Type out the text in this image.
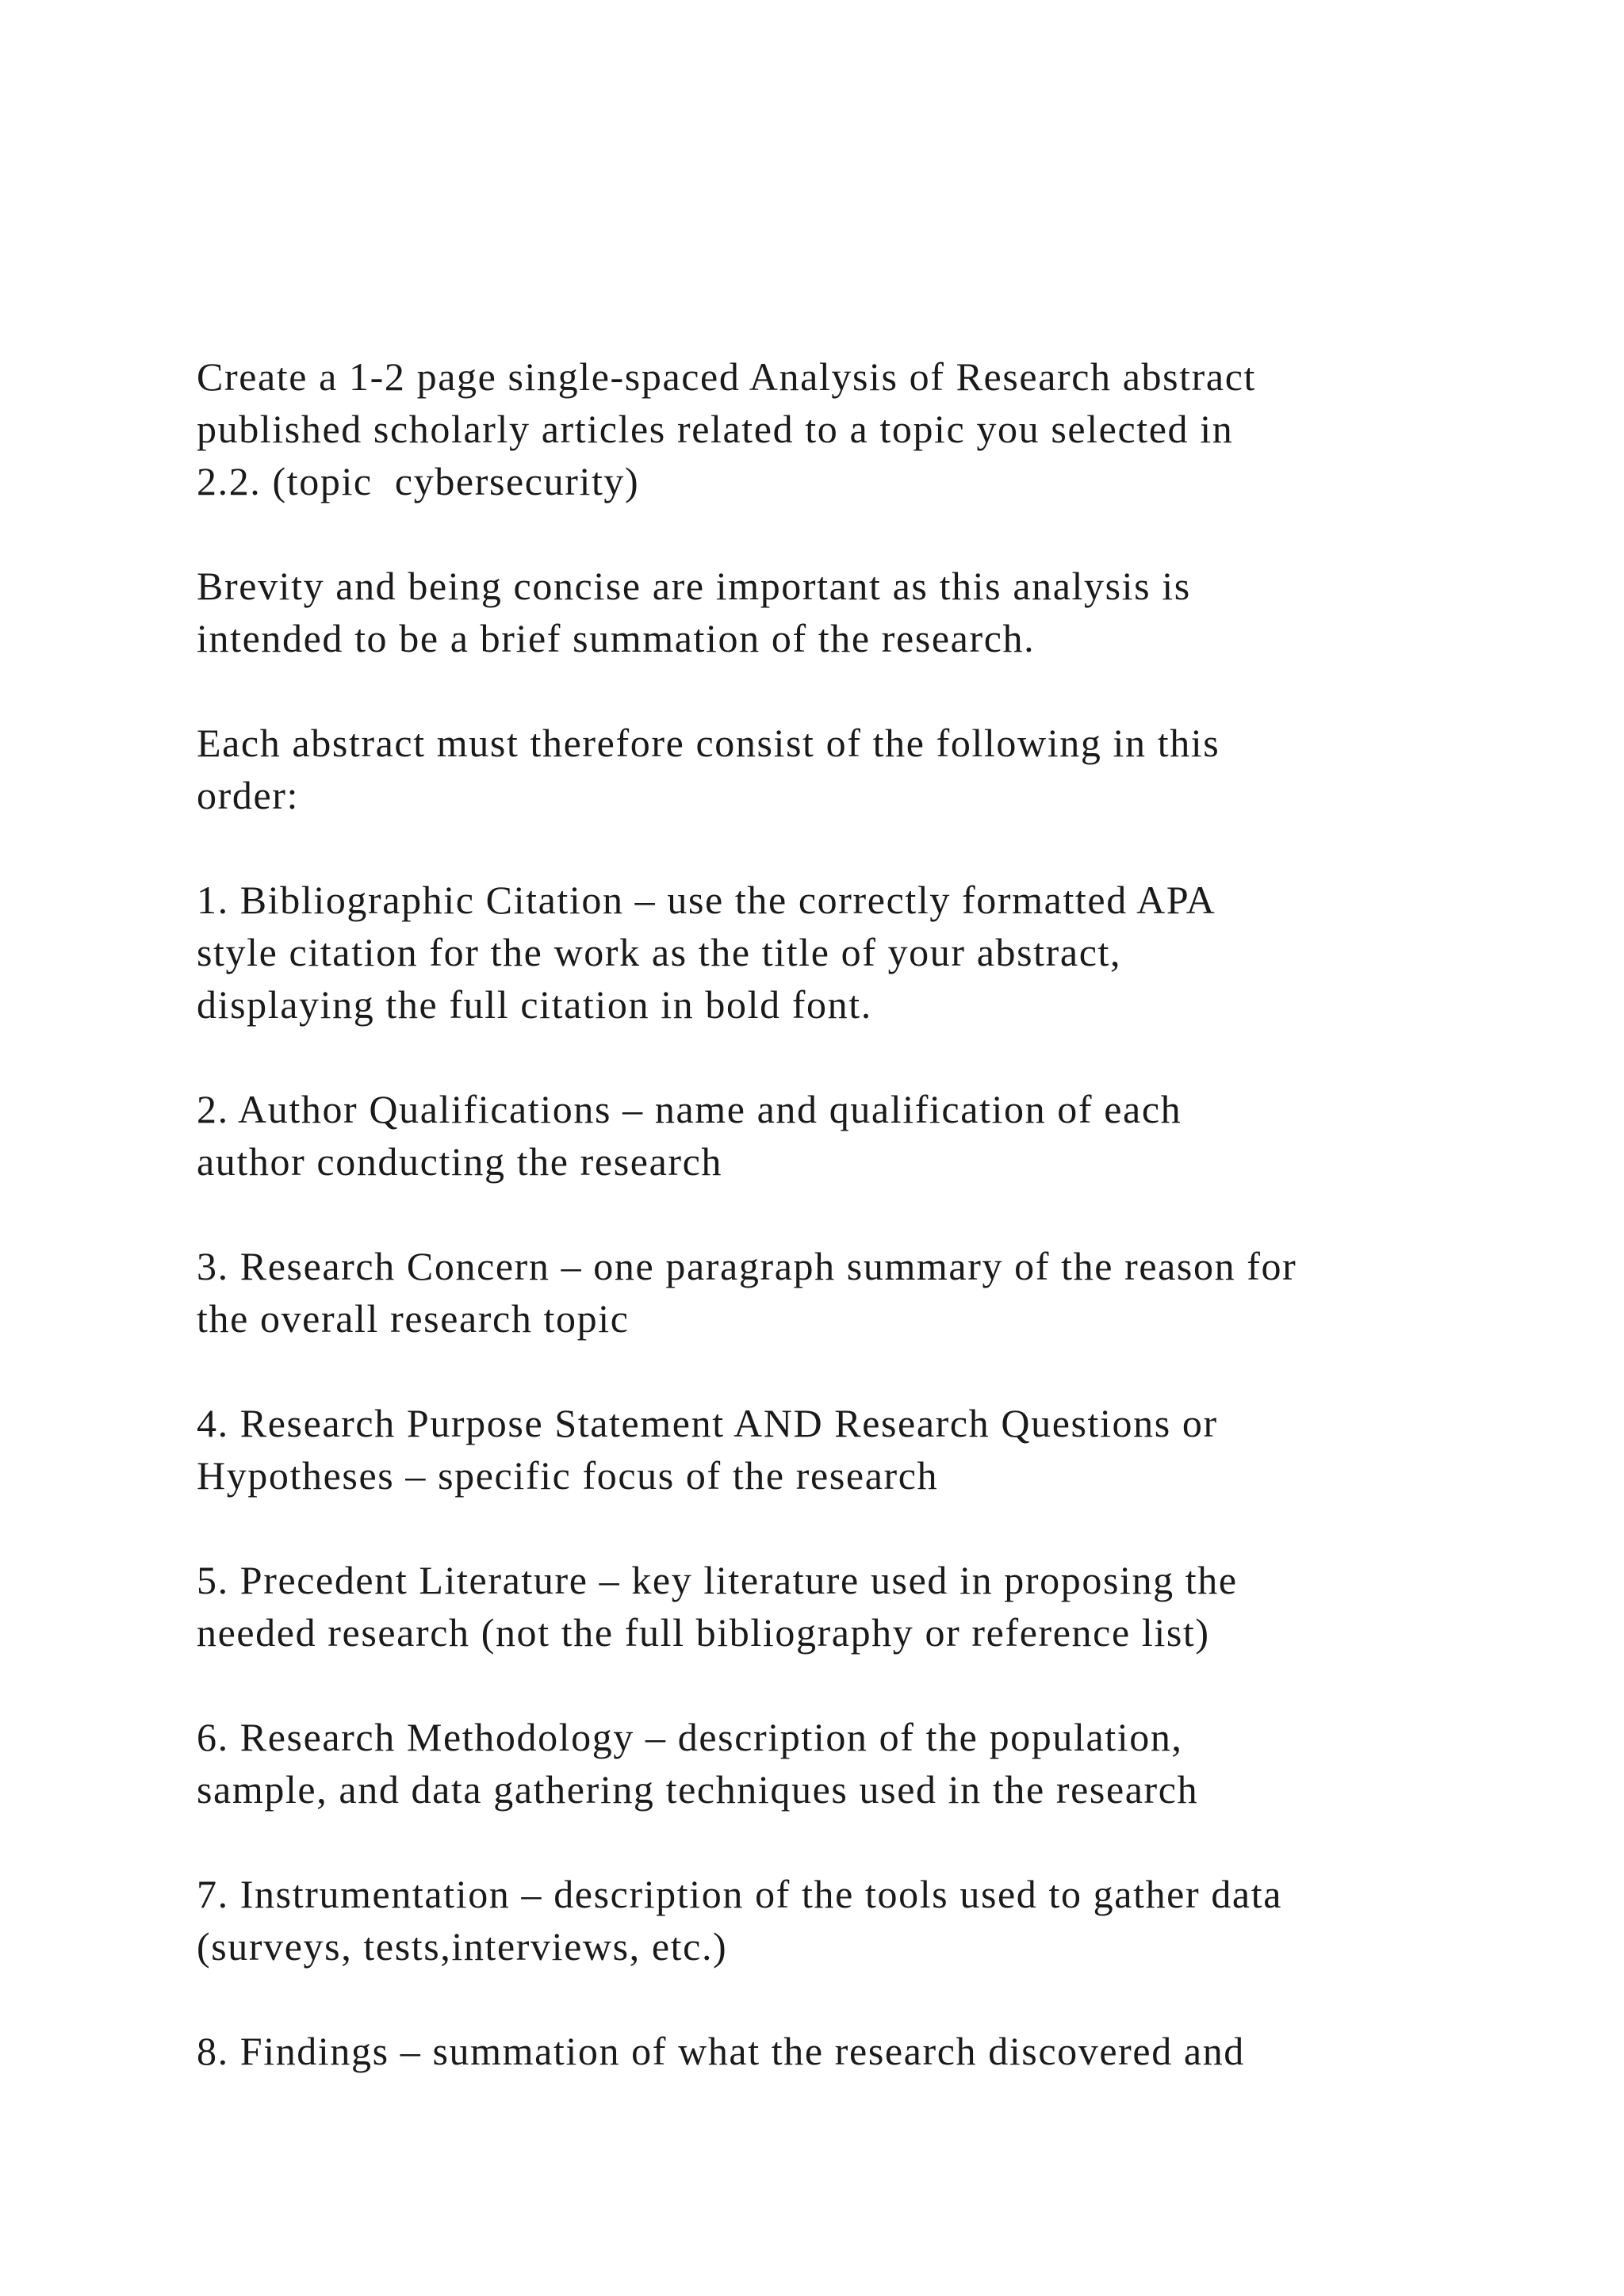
Create a 1-2 page single-spaced Analysis of Research abstract
published scholarly articles related to a topic you selected in
2.2. (topic  cybersecurity)

Brevity and being concise are important as this analysis is
intended to be a brief summation of the research.

Each abstract must therefore consist of the following in this
order:

1. Bibliographic Citation – use the correctly formatted APA
style citation for the work as the title of your abstract,
displaying the full citation in bold font.

2. Author Qualifications – name and qualification of each
author conducting the research

3. Research Concern – one paragraph summary of the reason for
the overall research topic

4. Research Purpose Statement AND Research Questions or
Hypotheses – specific focus of the research

5. Precedent Literature – key literature used in proposing the
needed research (not the full bibliography or reference list)

6. Research Methodology – description of the population,
sample, and data gathering techniques used in the research

7. Instrumentation – description of the tools used to gather data
(surveys, tests,interviews, etc.)

8. Findings – summation of what the research discovered and
